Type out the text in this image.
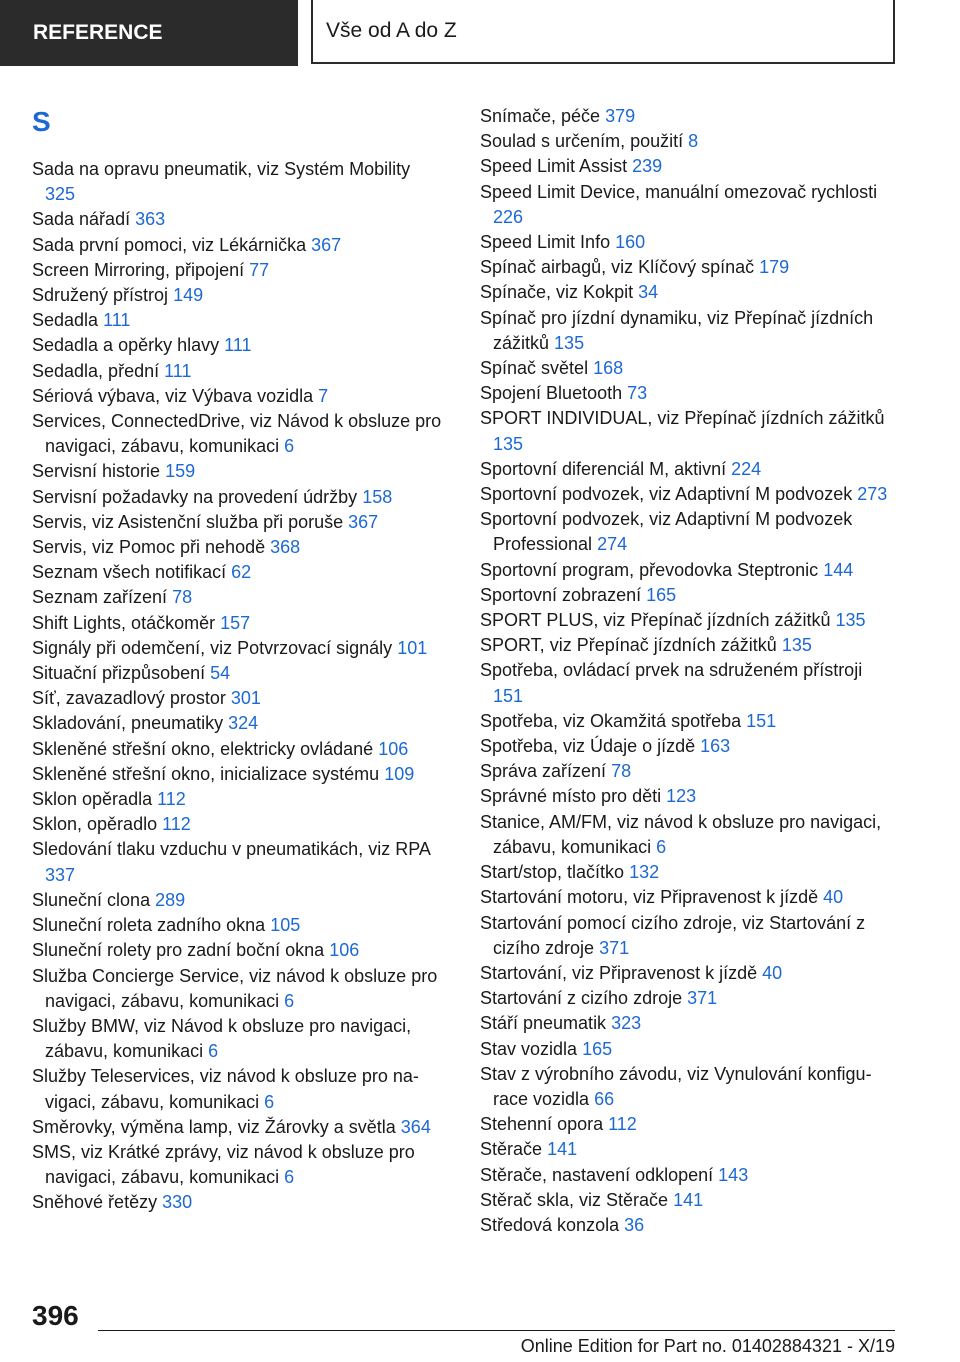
REFERENCE	Vše od A do Z
S
Sada na opravu pneumatik, viz Systém Mobility 325
Sada nářadí 363
Sada první pomoci, viz Lékárnička 367
Screen Mirroring, připojení 77
Sdružený přístroj 149
Sedadla 111
Sedadla a opěrky hlavy 111
Sedadla, přední 111
Sériová výbava, viz Výbava vozidla 7
Services, ConnectedDrive, viz Návod k obsluze pro navigaci, zábavu, komunikaci 6
Servisní historie 159
Servisní požadavky na provedení údržby 158
Servis, viz Asistenční služba při poruše 367
Servis, viz Pomoc při nehodě 368
Seznam všech notifikací 62
Seznam zařízení 78
Shift Lights, otáčkoměr 157
Signály při odemčení, viz Potvrzovací signály 101
Situační přizpůsobení 54
Síť, zavazadlový prostor 301
Skladování, pneumatiky 324
Skleněné střešní okno, elektricky ovládané 106
Skleněné střešní okno, inicializace systému 109
Sklon opěradla 112
Sklon, opěradlo 112
Sledování tlaku vzduchu v pneumatikách, viz RPA 337
Sluneční clona 289
Sluneční roleta zadního okna 105
Sluneční rolety pro zadní boční okna 106
Služba Concierge Service, viz návod k obsluze pro navigaci, zábavu, komunikaci 6
Služby BMW, viz Návod k obsluze pro navigaci, zábavu, komunikaci 6
Služby Teleservices, viz návod k obsluze pro navigaci, zábavu, komunikaci 6
Směrovky, výměna lamp, viz Žárovky a světla 364
SMS, viz Krátké zprávy, viz návod k obsluze pro navigaci, zábavu, komunikaci 6
Sněhové řetězy 330
Snímače, péče 379
Soulad s určením, použití 8
Speed Limit Assist 239
Speed Limit Device, manuální omezovač rychlosti 226
Speed Limit Info 160
Spínač airbagů, viz Klíčový spínač 179
Spínače, viz Kokpit 34
Spínač pro jízdní dynamiku, viz Přepínač jízdních zážitků 135
Spínač světel 168
Spojení Bluetooth 73
SPORT INDIVIDUAL, viz Přepínač jízdních zážitků 135
Sportovní diferenciál M, aktivní 224
Sportovní podvozek, viz Adaptivní M podvozek 273
Sportovní podvozek, viz Adaptivní M podvozek Professional 274
Sportovní program, převodovka Steptronic 144
Sportovní zobrazení 165
SPORT PLUS, viz Přepínač jízdních zážitků 135
SPORT, viz Přepínač jízdních zážitků 135
Spotřeba, ovládací prvek na sdruženém přístroji 151
Spotřeba, viz Okamžitá spotřeba 151
Spotřeba, viz Údaje o jízdě 163
Správa zařízení 78
Správné místo pro děti 123
Stanice, AM/FM, viz návod k obsluze pro navigaci, zábavu, komunikaci 6
Start/stop, tlačítko 132
Startování motoru, viz Připravenost k jízdě 40
Startování pomocí cizího zdroje, viz Startování z cizího zdroje 371
Startování, viz Připravenost k jízdě 40
Startování z cizího zdroje 371
Stáří pneumatik 323
Stav vozidla 165
Stav z výrobního závodu, viz Vynulování konfigurace vozidla 66
Stehenní opora 112
Stěrače 141
Stěrače, nastavení odklopení 143
Stěrač skla, viz Stěrače 141
Středová konzola 36
396
Online Edition for Part no. 01402884321 - X/19
